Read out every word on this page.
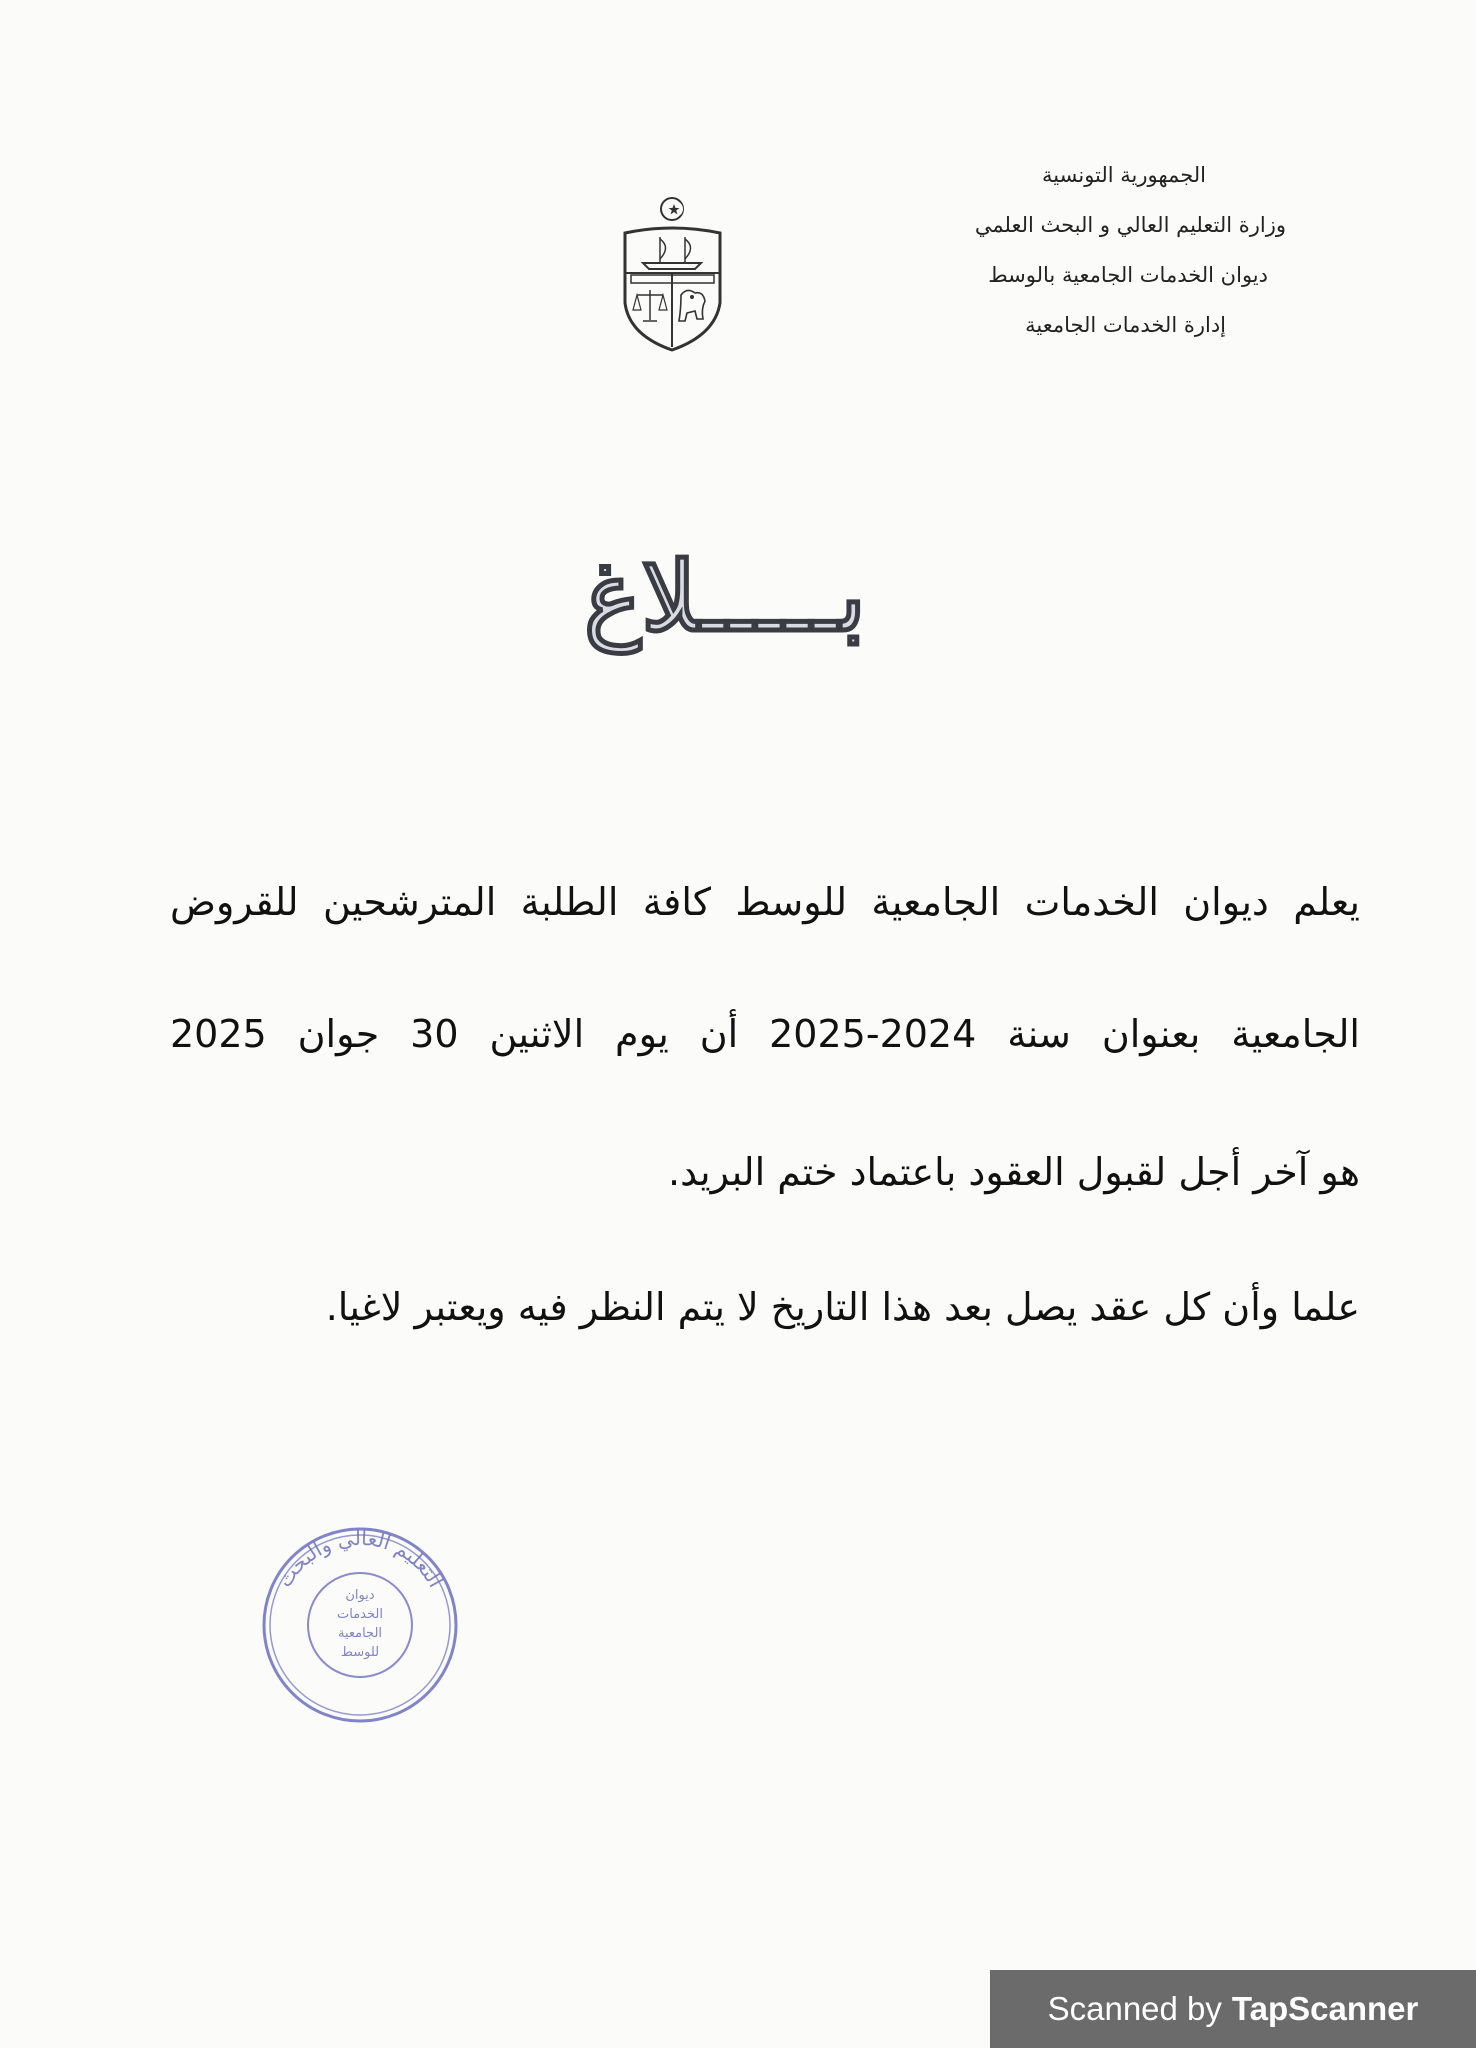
الجمهورية التونسية
وزارة التعليم العالي و البحث العلمي
ديوان الخدمات الجامعية بالوسط
إدارة الخدمات الجامعية
بـــــلاغ
يعلم ديوان الخدمات الجامعية للوسط كافة الطلبة المترشحين للقروض
الجامعية بعنوان سنة 2024-2025 أن يوم الاثنين 30 جوان 2025
هو آخر أجل لقبول العقود باعتماد ختم البريد.
علما وأن كل عقد يصل بعد هذا التاريخ لا يتم النظر فيه ويعتبر لاغيا.
التعليم العالي والبحث
ديوان
الخدمات
الجامعية
للوسط
Scanned by TapScanner
